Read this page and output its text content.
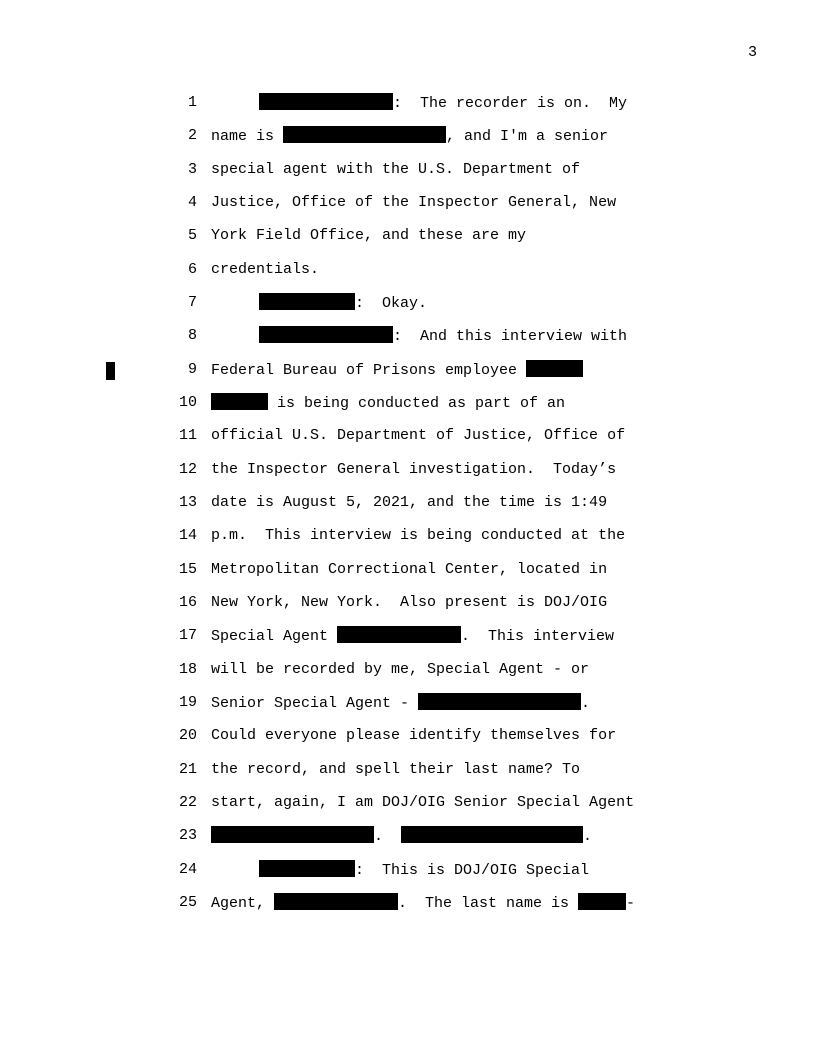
3
1	:  The recorder is on.  My
2 name is	, and I'm a senior
3 special agent with the U.S. Department of
4 Justice, Office of the Inspector General, New
5 York Field Office, and these are my
6 credentials.
7	:  Okay.
8	:  And this interview with
9 Federal Bureau of Prisons employee
10	is being conducted as part of an
11 official U.S. Department of Justice, Office of
12 the Inspector General investigation.  Today’s
13 date is August 5, 2021, and the time is 1:49
14 p.m.  This interview is being conducted at the
15 Metropolitan Correctional Center, located in
16 New York, New York.  Also present is DOJ/OIG
17 Special Agent	.  This interview
18 will be recorded by me, Special Agent - or
19 Senior Special Agent -	.
20 Could everyone please identify themselves for
21 the record, and spell their last name? To
22 start, again, I am DOJ/OIG Senior Special Agent
23	.	.
24	:  This is DOJ/OIG Special
25 Agent,	.  The last name is	-
